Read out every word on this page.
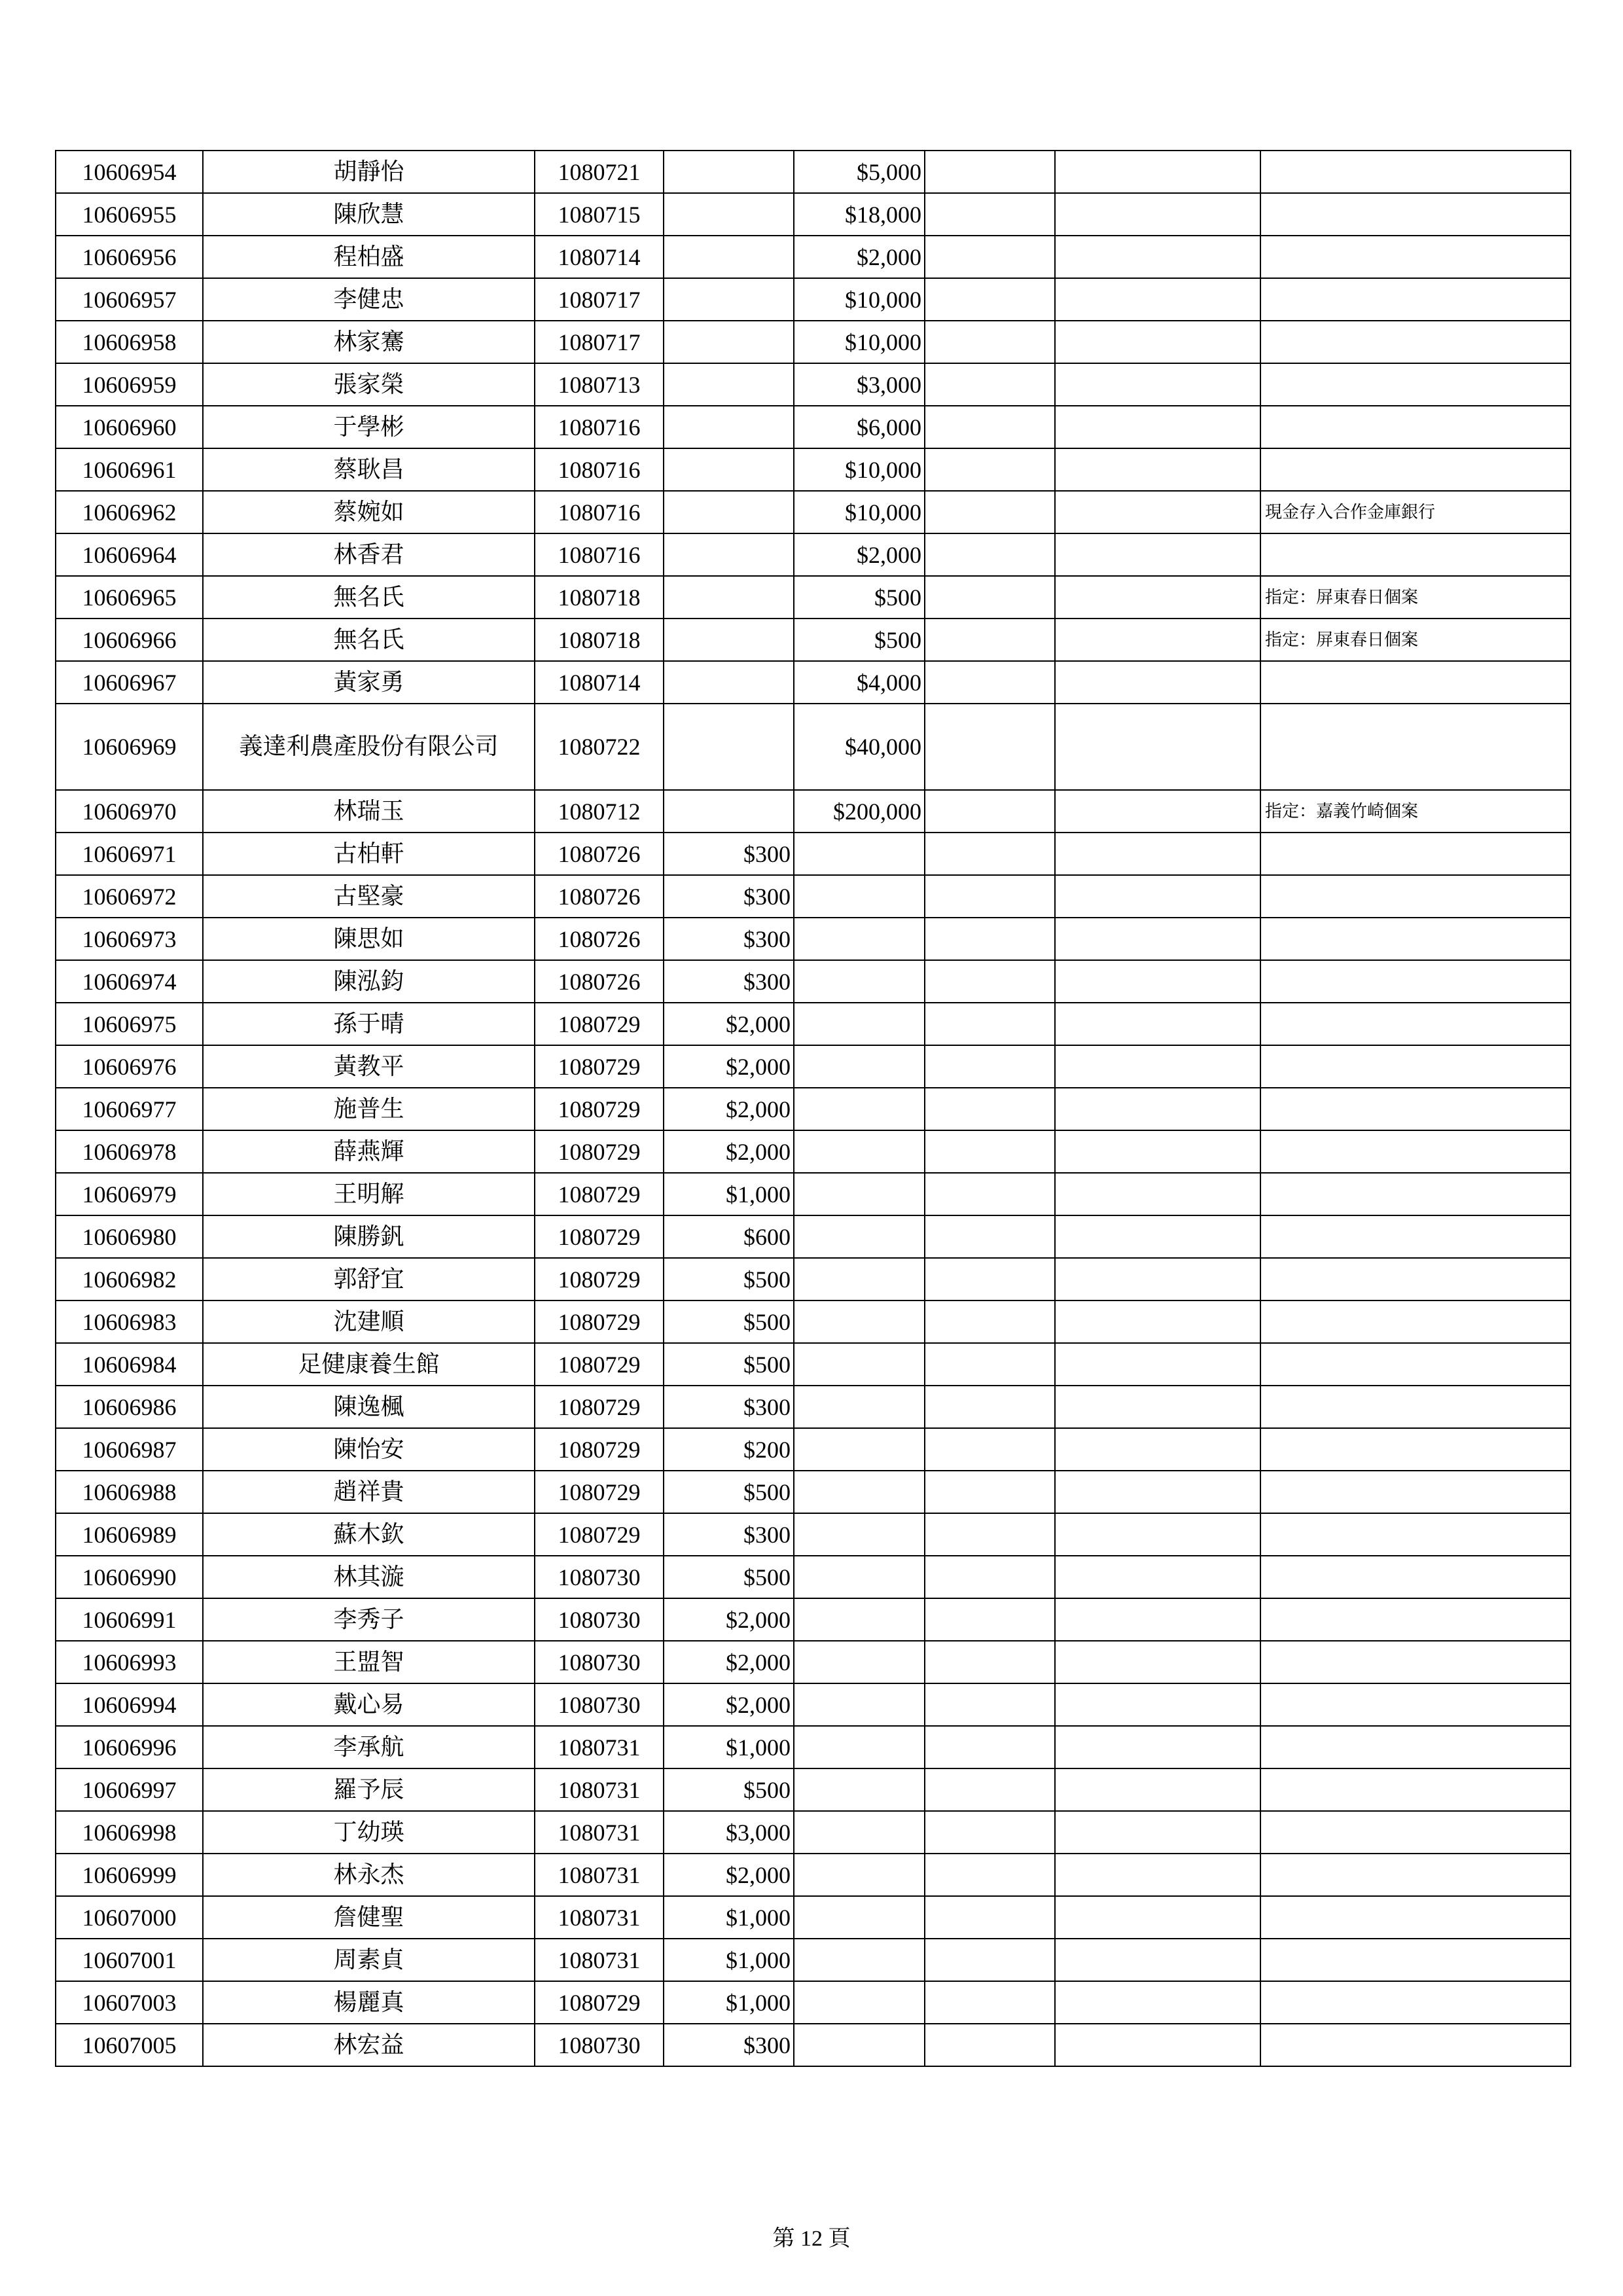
10606954	胡靜怡	1080721		$5,000			
10606955	陳欣慧	1080715		$18,000			
10606956	程柏盛	1080714		$2,000			
10606957	李健忠	1080717		$10,000			
10606958	林家騫	1080717		$10,000			
10606959	張家榮	1080713		$3,000			
10606960	于學彬	1080716		$6,000			
10606961	蔡耿昌	1080716		$10,000			
10606962	蔡婉如	1080716		$10,000			現金存入合作金庫銀行
10606964	林香君	1080716		$2,000			
10606965	無名氏	1080718		$500			指定：屏東春日個案
10606966	無名氏	1080718		$500			指定：屏東春日個案
10606967	黃家勇	1080714		$4,000			
10606969	義達利農產股份有限公司	1080722		$40,000			
10606970	林瑞玉	1080712		$200,000			指定：嘉義竹崎個案
10606971	古柏軒	1080726	$300				
10606972	古堅豪	1080726	$300				
10606973	陳思如	1080726	$300				
10606974	陳泓鈞	1080726	$300				
10606975	孫于晴	1080729	$2,000				
10606976	黃教平	1080729	$2,000				
10606977	施普生	1080729	$2,000				
10606978	薛燕輝	1080729	$2,000				
10606979	王明解	1080729	$1,000				
10606980	陳勝釩	1080729	$600				
10606982	郭舒宜	1080729	$500				
10606983	沈建順	1080729	$500				
10606984	足健康養生館	1080729	$500				
10606986	陳逸楓	1080729	$300				
10606987	陳怡安	1080729	$200				
10606988	趙祥貴	1080729	$500				
10606989	蘇木欽	1080729	$300				
10606990	林其漩	1080730	$500				
10606991	李秀子	1080730	$2,000				
10606993	王盟智	1080730	$2,000				
10606994	戴心易	1080730	$2,000				
10606996	李承航	1080731	$1,000				
10606997	羅予辰	1080731	$500				
10606998	丁幼瑛	1080731	$3,000				
10606999	林永杰	1080731	$2,000				
10607000	詹健聖	1080731	$1,000				
10607001	周素貞	1080731	$1,000				
10607003	楊麗真	1080729	$1,000				
10607005	林宏益	1080730	$300				
第 12 頁
